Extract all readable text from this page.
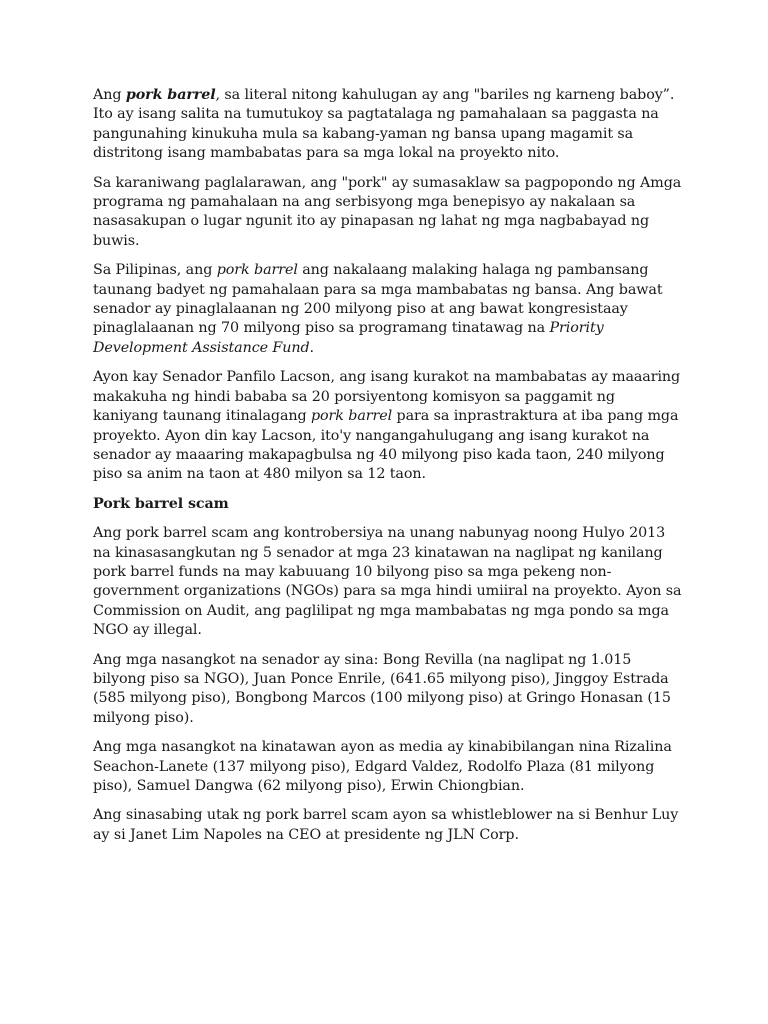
Ang pork barrel, sa literal nitong kahulugan ay ang "bariles ng karneng baboy”. Ito ay isang salita na tumutukoy sa pagtatalaga ng pamahalaan sa paggasta na pangunahing kinukuha mula sa kabang-yaman ng bansa upang magamit sa distritong isang mambabatas para sa mga lokal na proyekto nito.

Sa karaniwang paglalarawan, ang "pork" ay sumasaklaw sa pagpopondo ng Amga programa ng pamahalaan na ang serbisyong mga benepisyo ay nakalaan sa nasasakupan o lugar ngunit ito ay pinapasan ng lahat ng mga nagbabayad ng buwis.

Sa Pilipinas, ang pork barrel ang nakalaang malaking halaga ng pambansang taunang badyet ng pamahalaan para sa mga mambabatas ng bansa. Ang bawat senador ay pinaglalaanan ng 200 milyong piso at ang bawat kongresistaay pinaglalaanan ng 70 milyong piso sa programang tinatawag na Priority Development Assistance Fund.

Ayon kay Senador Panfilo Lacson, ang isang kurakot na mambabatas ay maaaring makakuha ng hindi bababa sa 20 porsiyentong komisyon sa paggamit ng kaniyang taunang itinalagang pork barrel para sa inprastraktura at iba pang mga proyekto. Ayon din kay Lacson, ito'y nangangahulugang ang isang kurakot na senador ay maaaring makapagbulsa ng 40 milyong piso kada taon, 240 milyong piso sa anim na taon at 480 milyon sa 12 taon.

Pork barrel scam

Ang pork barrel scam ang kontrobersiya na unang nabunyag noong Hulyo 2013 na kinasasangkutan ng 5 senador at mga 23 kinatawan na naglipat ng kanilang pork barrel funds na may kabuuang 10 bilyong piso sa mga pekeng non-government organizations (NGOs) para sa mga hindi umiiral na proyekto. Ayon sa Commission on Audit, ang paglilipat ng mga mambabatas ng mga pondo sa mga NGO ay illegal.

Ang mga nasangkot na senador ay sina: Bong Revilla (na naglipat ng 1.015 bilyong piso sa NGO), Juan Ponce Enrile, (641.65 milyong piso), Jinggoy Estrada (585 milyong piso), Bongbong Marcos (100 milyong piso) at Gringo Honasan (15 milyong piso).

Ang mga nasangkot na kinatawan ayon as media ay kinabibilangan nina Rizalina Seachon-Lanete (137 milyong piso), Edgard Valdez, Rodolfo Plaza (81 milyong piso), Samuel Dangwa (62 milyong piso), Erwin Chiongbian.

Ang sinasabing utak ng pork barrel scam ayon sa whistleblower na si Benhur Luy ay si Janet Lim Napoles na CEO at presidente ng JLN Corp.
